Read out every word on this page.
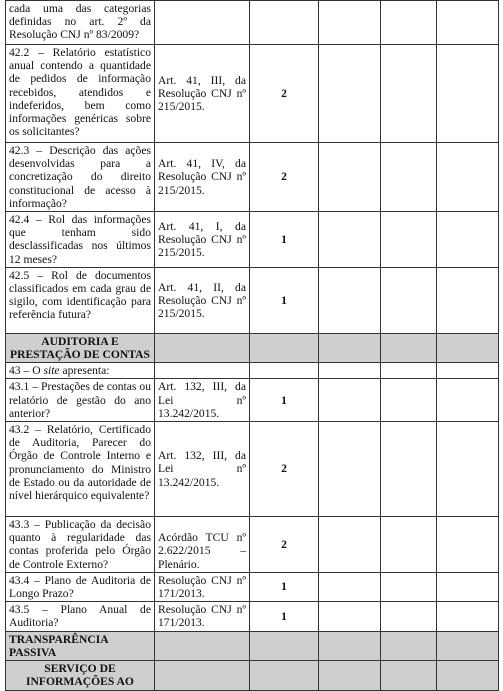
cada uma das categorias definidas no art. 2º da Resolução CNJ nº 83/2009?					
42.2 – Relatório estatístico anual contendo a quantidade de pedidos de informação recebidos, atendidos e indeferidos, bem como informações genéricas sobre os solicitantes?	Art. 41, III, da Resolução CNJ nº 215/2015.	2			
42.3 – Descrição das ações desenvolvidas para a concretização do direito constitucional de acesso à informação?	Art. 41, IV, da Resolução CNJ nº 215/2015.	2			
42.4 – Rol das informações que tenham sido desclassificadas nos últimos 12 meses?	Art. 41, I, da Resolução CNJ nº 215/2015.	1			
42.5 – Rol de documentos classificados em cada grau de sigilo, com identificação para referência futura?	Art. 41, II, da Resolução CNJ nº 215/2015.	1			
AUDITORIA E PRESTAÇÃO DE CONTAS					
43 – O site apresenta:					
43.1 – Prestações de contas ou relatório de gestão do ano anterior?	Art. 132, III, da Lei nº 13.242/2015.	1			
43.2 – Relatório, Certificado de Auditoria, Parecer do Órgão de Controle Interno e pronunciamento do Ministro de Estado ou da autoridade de nível hierárquico equivalente?	Art. 132, III, da Lei nº 13.242/2015.	2			
43.3 – Publicação da decisão quanto à regularidade das contas proferida pelo Órgão de Controle Externo?	Acórdão TCU nº 2.622/2015 – Plenário.	2			
43.4 – Plano de Auditoria de Longo Prazo?	Resolução CNJ nº 171/2013.	1			
43.5 – Plano Anual de Auditoria?	Resolução CNJ nº 171/2013.	1			
TRANSPARÊNCIA PASSIVA					
SERVIÇO DE INFORMAÇÕES AO					
